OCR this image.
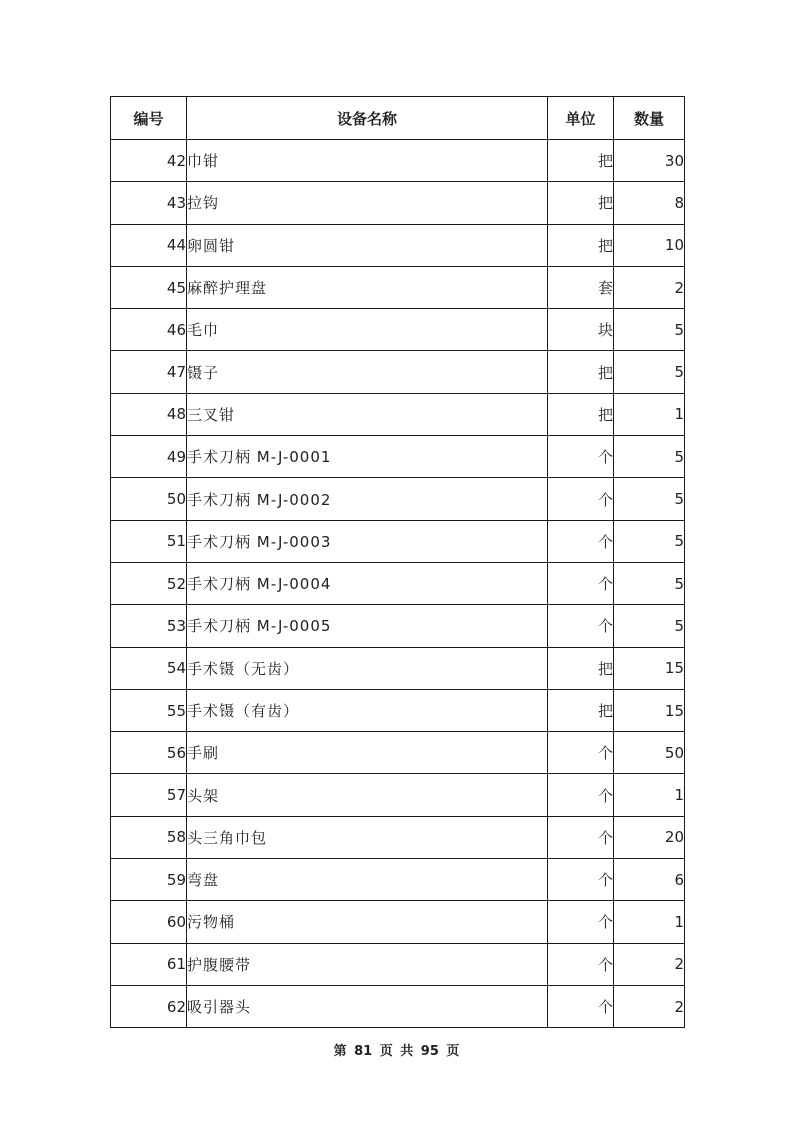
编号	设备名称	单位	数量
42	巾钳	把	30
43	拉钩	把	8
44	卵圆钳	把	10
45	麻醉护理盘	套	2
46	毛巾	块	5
47	镊子	把	5
48	三叉钳	把	1
49	手术刀柄 M-J-0001	个	5
50	手术刀柄 M-J-0002	个	5
51	手术刀柄 M-J-0003	个	5
52	手术刀柄 M-J-0004	个	5
53	手术刀柄 M-J-0005	个	5
54	手术镊（无齿）	把	15
55	手术镊（有齿）	把	15
56	手刷	个	50
57	头架	个	1
58	头三角巾包	个	20
59	弯盘	个	6
60	污物桶	个	1
61	护腹腰带	个	2
62	吸引器头	个	2
第 81 页 共 95 页
